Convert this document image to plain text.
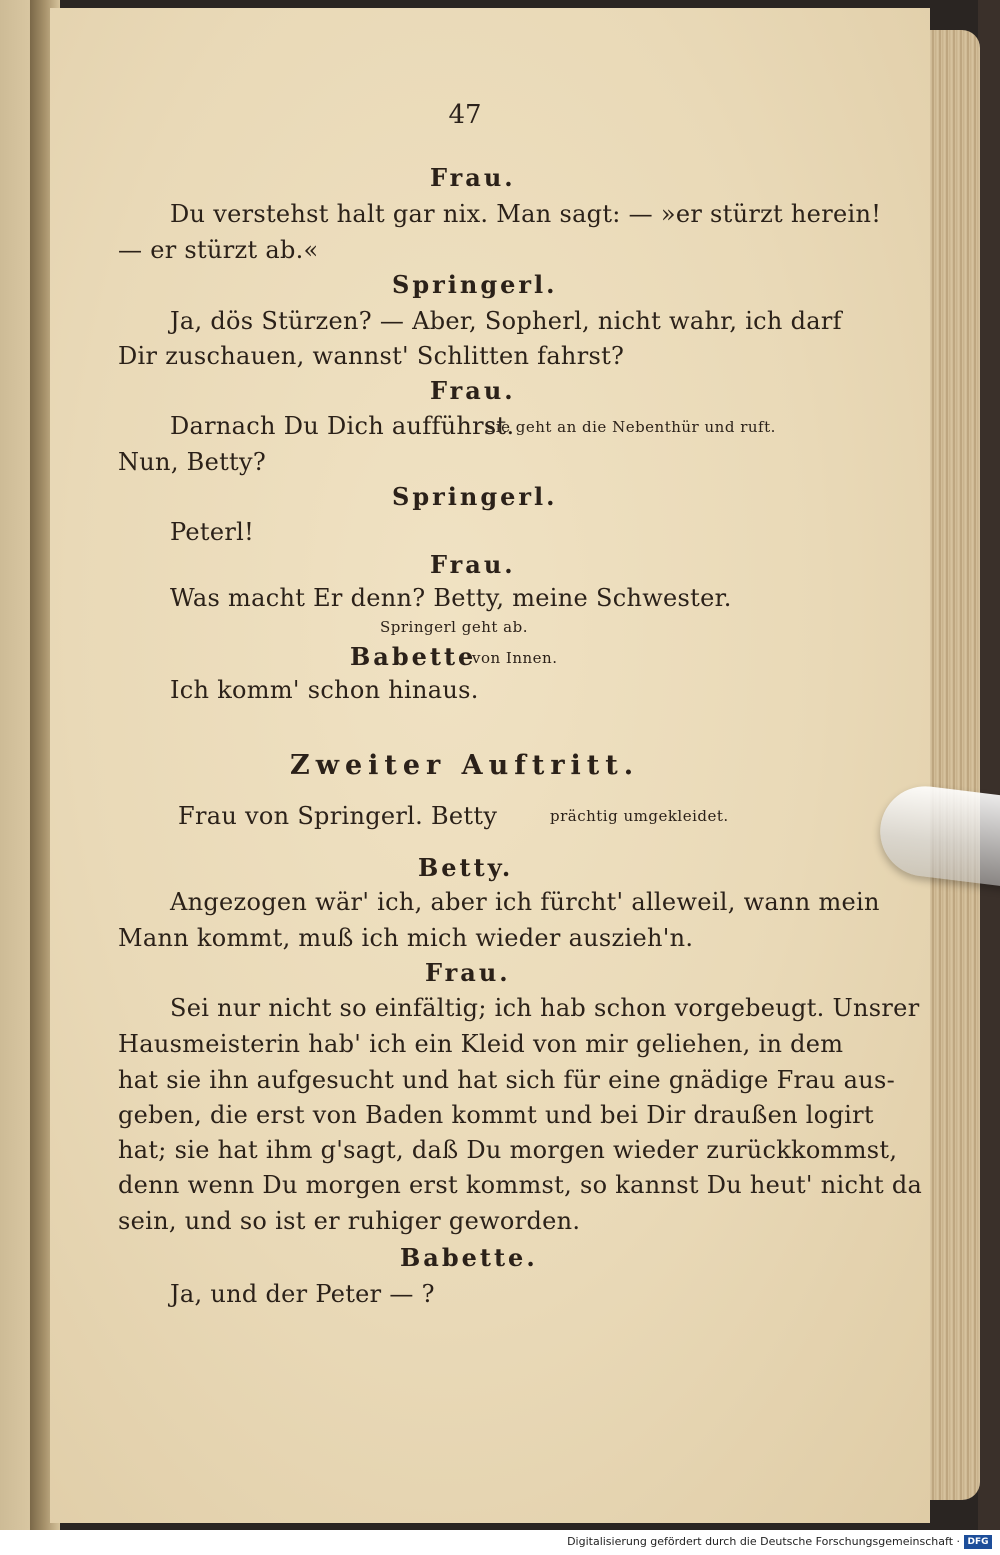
47
Frau.
Du verstehst halt gar nix. Man sagt: — »er stürzt herein!
— er stürzt ab.«
Springerl.
Ja, dös Stürzen? — Aber, Sopherl, nicht wahr, ich darf
Dir zuschauen, wannst' Schlitten fahrst?
Frau.
Darnach Du Dich aufführst.
Sie geht an die Nebenthür und ruft.
Nun, Betty?
Springerl.
Peterl!
Frau.
Was macht Er denn? Betty, meine Schwester.
Springerl geht ab.
Babette
von Innen.
Ich komm' schon hinaus.
Zweiter Auftritt.
Frau von Springerl. Betty	prächtig umgekleidet.
Betty.
Angezogen wär' ich, aber ich fürcht' alleweil, wann mein
Mann kommt, muß ich mich wieder auszieh'n.
Frau.
Sei nur nicht so einfältig; ich hab schon vorgebeugt. Unsrer
Hausmeisterin hab' ich ein Kleid von mir geliehen, in dem
hat sie ihn aufgesucht und hat sich für eine gnädige Frau aus-
geben, die erst von Baden kommt und bei Dir draußen logirt
hat; sie hat ihm g'sagt, daß Du morgen wieder zurückkommst,
denn wenn Du morgen erst kommst, so kannst Du heut' nicht da
sein, und so ist er ruhiger geworden.
Babette.
Ja, und der Peter — ?
Digitalisierung gefördert durch die Deutsche Forschungsgemeinschaft · DFG
